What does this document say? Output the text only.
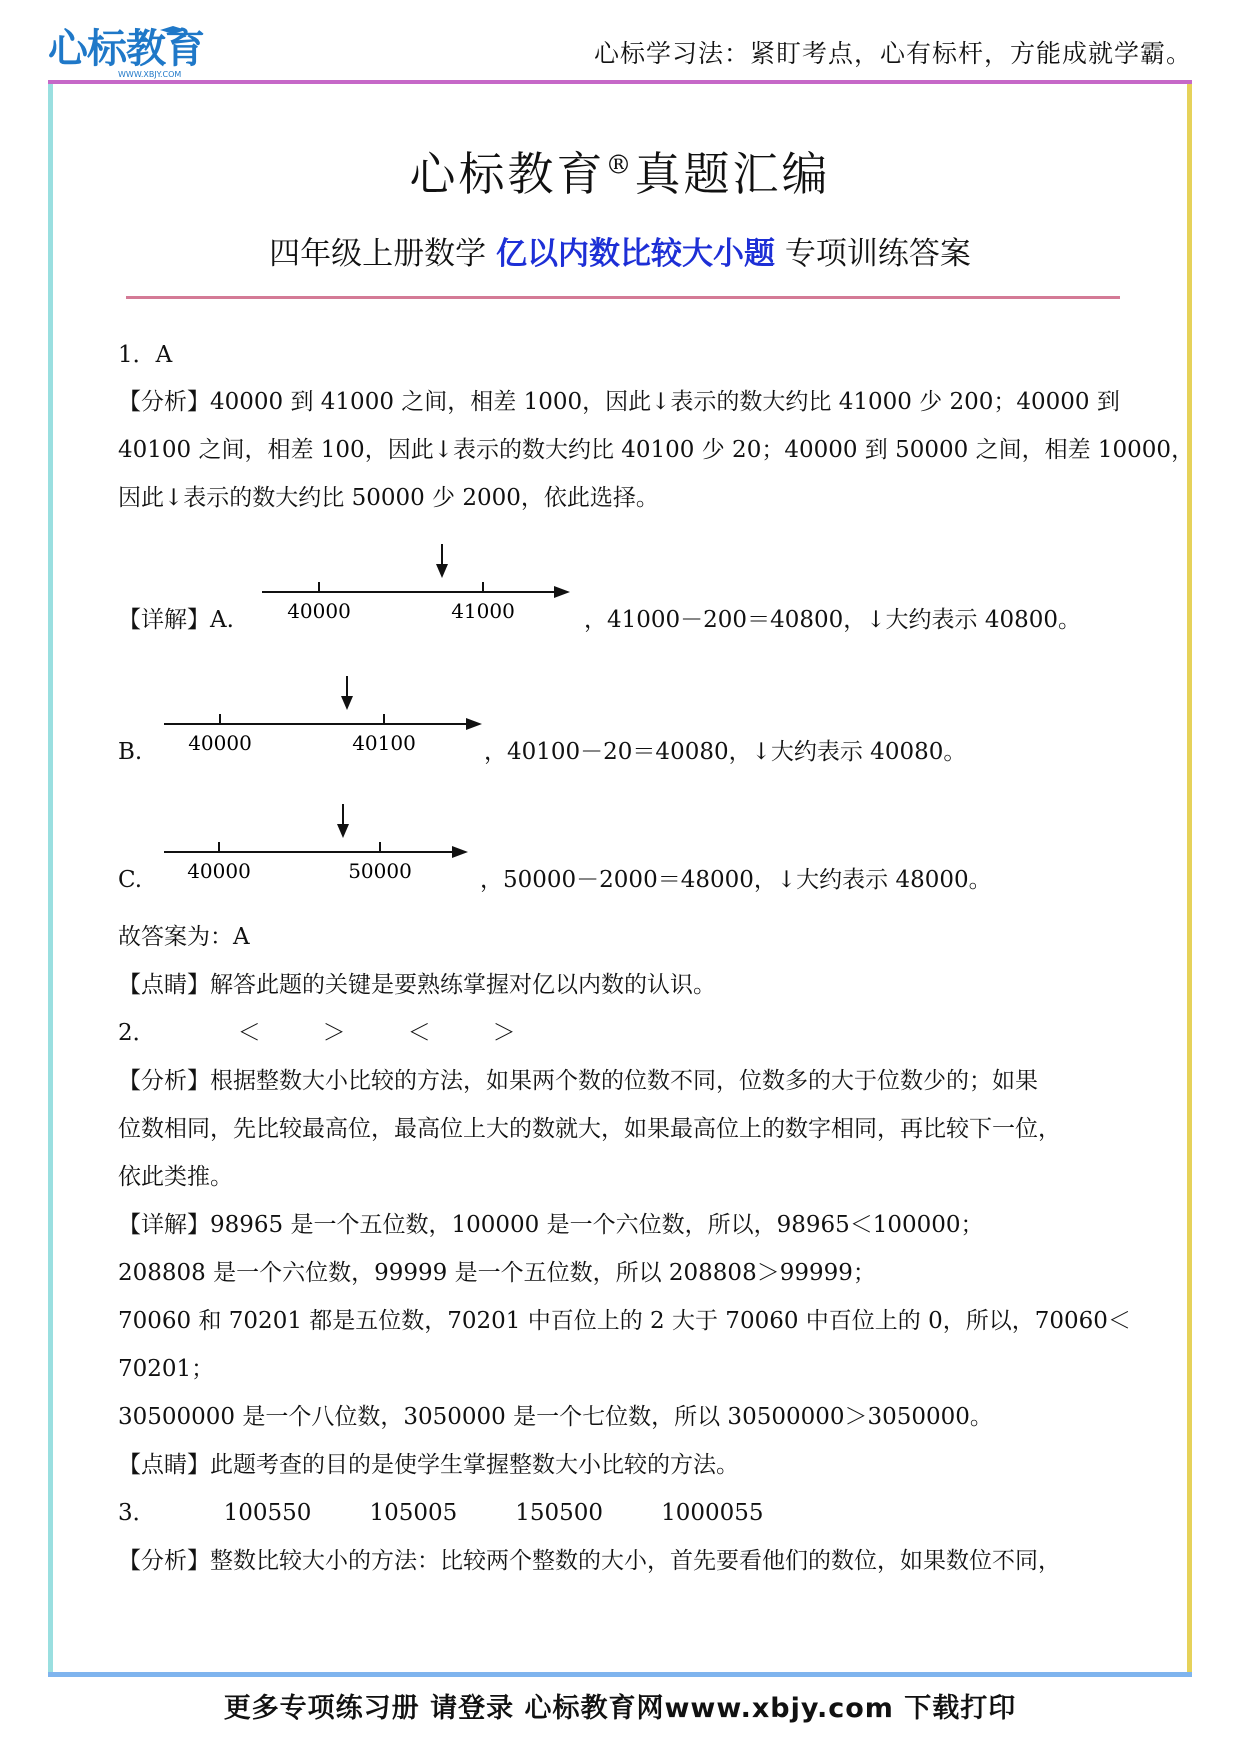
心标教育
WWW.XBJY.COM
心标学习法：紧盯考点，心有标杆，方能成就学霸。
心标教育®真题汇编
四年级上册数学 亿以内数比较大小题 专项训练答案
1．A
【分析】40000 到 41000 之间，相差 1000，因此↓表示的数大约比 41000 少 200；40000 到
40100 之间，相差 100，因此↓表示的数大约比 40100 少 20；40000 到 50000 之间，相差 10000，
因此↓表示的数大约比 50000 少 2000，依此选择。
【详解】A.	40000	41000	，41000－200＝40800，↓大约表示 40800。
B. 40000	40100	，40100－20＝40080，↓大约表示 40080。
C. 40000	50000	，50000－2000＝48000，↓大约表示 48000。
故答案为：A
【点睛】解答此题的关键是要熟练掌握对亿以内数的认识。
2．	＜	＞	＜	＞
【分析】根据整数大小比较的方法，如果两个数的位数不同，位数多的大于位数少的；如果
位数相同，先比较最高位，最高位上大的数就大，如果最高位上的数字相同，再比较下一位，
依此类推。
【详解】98965 是一个五位数，100000 是一个六位数，所以，98965＜100000；
208808 是一个六位数，99999 是一个五位数，所以 208808＞99999；
70060 和 70201 都是五位数，70201 中百位上的 2 大于 70060 中百位上的 0，所以，70060＜
70201；
30500000 是一个八位数，3050000 是一个七位数，所以 30500000＞3050000。
【点睛】此题考查的目的是使学生掌握整数大小比较的方法。
3．	100550	105005	150500	1000055
【分析】整数比较大小的方法：比较两个整数的大小，首先要看他们的数位，如果数位不同，
更多专项练习册 请登录 心标教育网www.xbjy.com 下载打印
